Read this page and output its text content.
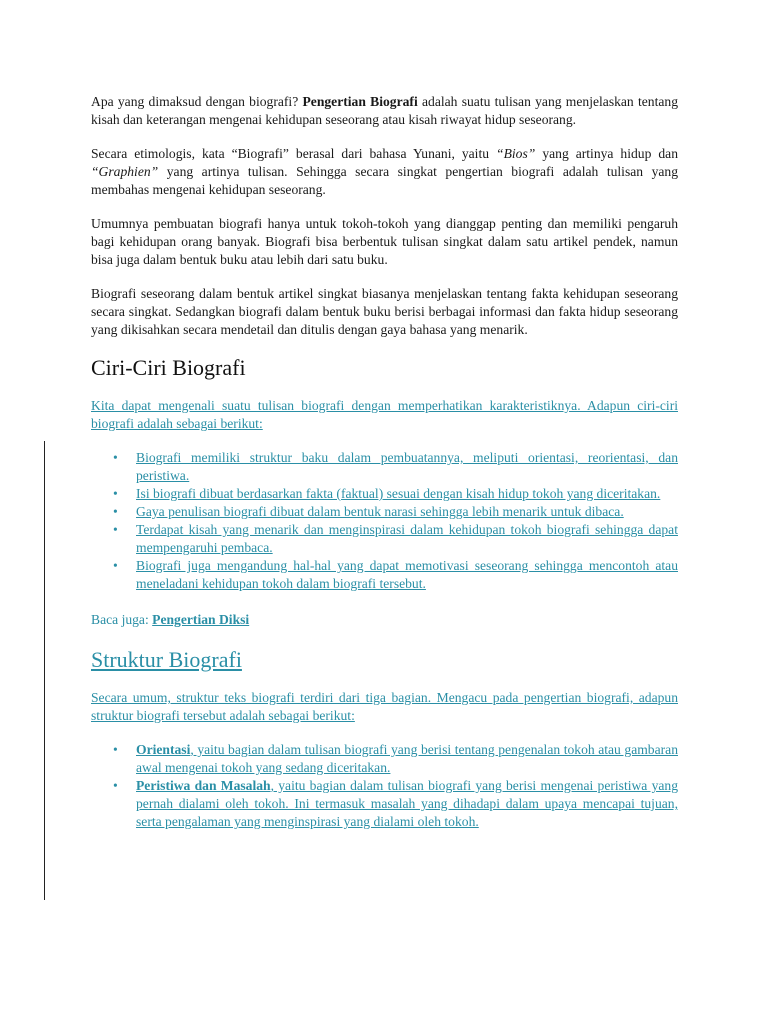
Apa yang dimaksud dengan biografi? Pengertian Biografi adalah suatu tulisan yang menjelaskan tentang kisah dan keterangan mengenai kehidupan seseorang atau kisah riwayat hidup seseorang.

Secara etimologis, kata “Biografi” berasal dari bahasa Yunani, yaitu “Bios” yang artinya hidup dan “Graphien” yang artinya tulisan. Sehingga secara singkat pengertian biografi adalah tulisan yang membahas mengenai kehidupan seseorang.

Umumnya pembuatan biografi hanya untuk tokoh-tokoh yang dianggap penting dan memiliki pengaruh bagi kehidupan orang banyak. Biografi bisa berbentuk tulisan singkat dalam satu artikel pendek, namun bisa juga dalam bentuk buku atau lebih dari satu buku.

Biografi seseorang dalam bentuk artikel singkat biasanya menjelaskan tentang fakta kehidupan seseorang secara singkat. Sedangkan biografi dalam bentuk buku berisi berbagai informasi dan fakta hidup seseorang yang dikisahkan secara mendetail dan ditulis dengan gaya bahasa yang menarik.

Ciri-Ciri Biografi

Kita dapat mengenali suatu tulisan biografi dengan memperhatikan karakteristiknya. Adapun ciri-ciri biografi adalah sebagai berikut:

• Biografi memiliki struktur baku dalam pembuatannya, meliputi orientasi, reorientasi, dan peristiwa.
• Isi biografi dibuat berdasarkan fakta (faktual) sesuai dengan kisah hidup tokoh yang diceritakan.
• Gaya penulisan biografi dibuat dalam bentuk narasi sehingga lebih menarik untuk dibaca.
• Terdapat kisah yang menarik dan menginspirasi dalam kehidupan tokoh biografi sehingga dapat mempengaruhi pembaca.
• Biografi juga mengandung hal-hal yang dapat memotivasi seseorang sehingga mencontoh atau meneladani kehidupan tokoh dalam biografi tersebut.

Baca juga: Pengertian Diksi

Struktur Biografi

Secara umum, struktur teks biografi terdiri dari tiga bagian. Mengacu pada pengertian biografi, adapun struktur biografi tersebut adalah sebagai berikut:

• Orientasi, yaitu bagian dalam tulisan biografi yang berisi tentang pengenalan tokoh atau gambaran awal mengenai tokoh yang sedang diceritakan.
• Peristiwa dan Masalah, yaitu bagian dalam tulisan biografi yang berisi mengenai peristiwa yang pernah dialami oleh tokoh. Ini termasuk masalah yang dihadapi dalam upaya mencapai tujuan, serta pengalaman yang menginspirasi yang dialami oleh tokoh.
